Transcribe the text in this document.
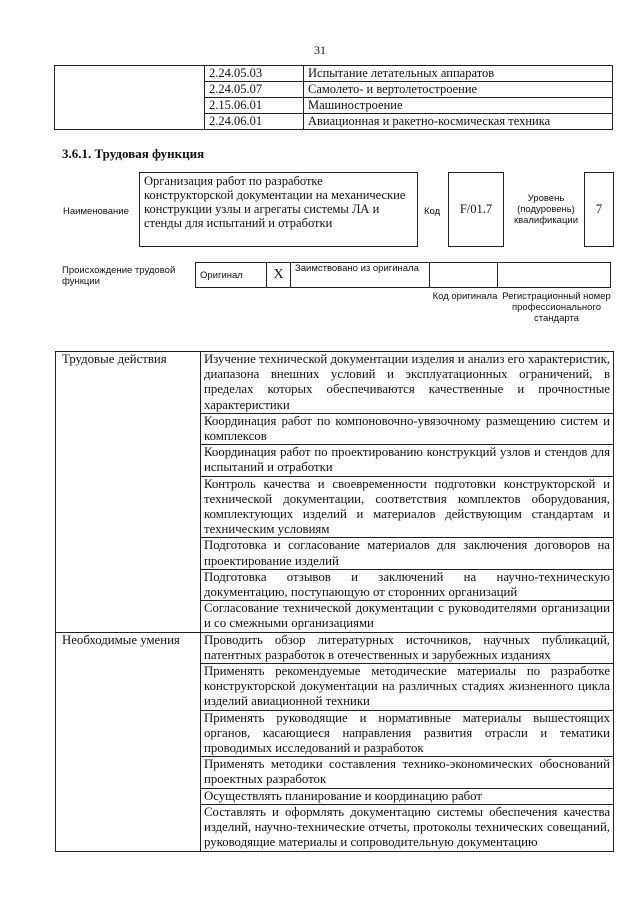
31
	2.24.05.03	Испытание летательных аппаратов
	2.24.05.07	Самолето- и вертолетостроение
	2.15.06.01	Машиностроение
	2.24.06.01	Авиационная и ракетно-космическая техника
3.6.1. Трудовая функция
Наименование
Организация работ по разработке конструкторской документации на механические конструкции узлы и агрегаты системы ЛА и стенды для испытаний и отработки
Код	F/01.7
Уровень (подуровень) квалификации
7
Происхождение трудовой функции
Оригинал	X	Заимствовано из оригинала		
Код оригинала Регистрационный номер профессионального стандарта
Трудовые действия	Изучение технической документации изделия и анализ его характеристик, диапазона внешних условий и эксплуатационных ограничений, в пределах которых обеспечиваются качественные и прочностные характеристики
	Координация работ по компоновочно-увязочному размещению систем и комплексов
	Координация работ по проектированию конструкций узлов и стендов для испытаний и отработки
	Контроль качества и своевременности подготовки конструкторской и технической документации, соответствия комплектов оборудования, комплектующих изделий и материалов действующим стандартам и техническим условиям
	Подготовка и согласование материалов для заключения договоров на проектирование изделий
	Подготовка отзывов и заключений на научно-техническую документацию, поступающую от сторонних организаций
	Согласование технической документации с руководителями организации и со смежными организациями
Необходимые умения	Проводить обзор литературных источников, научных публикаций, патентных разработок в отечественных и зарубежных изданиях
	Применять рекомендуемые методические материалы по разработке конструкторской документации на различных стадиях жизненного цикла изделий авиационной техники
	Применять руководящие и нормативные материалы вышестоящих органов, касающиеся направления развития отрасли и тематики проводимых исследований и разработок
	Применять методики составления технико-экономических обоснований проектных разработок
	Осуществлять планирование и координацию работ
	Составлять и оформлять документацию системы обеспечения качества изделий, научно-технические отчеты, протоколы технических совещаний, руководящие материалы и сопроводительную документацию
